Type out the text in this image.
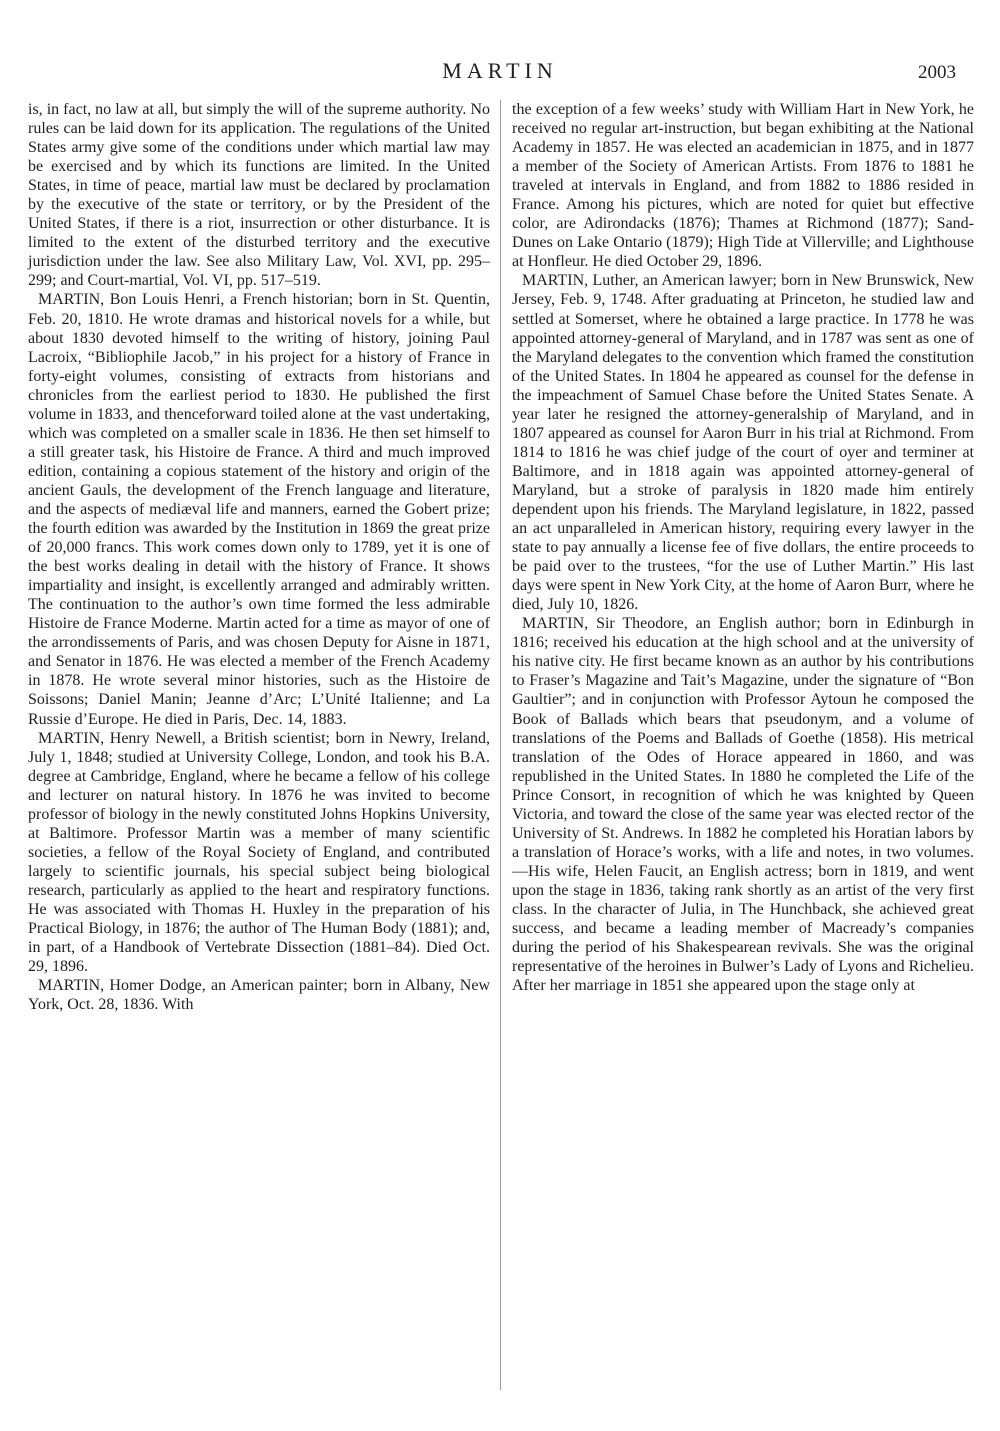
MARTIN	2003

is, in fact, no law at all, but simply the will of the supreme authority. No rules can be laid down for its application. The regulations of the United States army give some of the conditions under which martial law may be exercised and by which its functions are limited. In the United States, in time of peace, martial law must be declared by proclamation by the executive of the state or territory, or by the President of the United States, if there is a riot, insurrection or other disturbance. It is limited to the extent of the disturbed territory and the executive jurisdiction under the law. See also Military Law, Vol. XVI, pp. 295–299; and Court-martial, Vol. VI, pp. 517–519.

MARTIN, Bon Louis Henri, a French historian; born in St. Quentin, Feb. 20, 1810. He wrote dramas and historical novels for a while, but about 1830 devoted himself to the writing of history, joining Paul Lacroix, “Bibliophile Jacob,” in his project for a history of France in forty-eight volumes, consisting of extracts from historians and chronicles from the earliest period to 1830. He published the first volume in 1833, and thenceforward toiled alone at the vast undertaking, which was completed on a smaller scale in 1836. He then set himself to a still greater task, his Histoire de France. A third and much improved edition, containing a copious statement of the history and origin of the ancient Gauls, the development of the French language and literature, and the aspects of mediæval life and manners, earned the Gobert prize; the fourth edition was awarded by the Institution in 1869 the great prize of 20,000 francs. This work comes down only to 1789, yet it is one of the best works dealing in detail with the history of France. It shows impartiality and insight, is excellently arranged and admirably written. The continuation to the author’s own time formed the less admirable Histoire de France Moderne. Martin acted for a time as mayor of one of the arrondissements of Paris, and was chosen Deputy for Aisne in 1871, and Senator in 1876. He was elected a member of the French Academy in 1878. He wrote several minor histories, such as the Histoire de Soissons; Daniel Manin; Jeanne d’Arc; L’Unité Italienne; and La Russie d’Europe. He died in Paris, Dec. 14, 1883.

MARTIN, Henry Newell, a British scientist; born in Newry, Ireland, July 1, 1848; studied at University College, London, and took his B.A. degree at Cambridge, England, where he became a fellow of his college and lecturer on natural history. In 1876 he was invited to become professor of biology in the newly constituted Johns Hopkins University, at Baltimore. Professor Martin was a member of many scientific societies, a fellow of the Royal Society of England, and contributed largely to scientific journals, his special subject being biological research, particularly as applied to the heart and respiratory functions. He was associated with Thomas H. Huxley in the preparation of his Practical Biology, in 1876; the author of The Human Body (1881); and, in part, of a Handbook of Vertebrate Dissection (1881–84). Died Oct. 29, 1896.

MARTIN, Homer Dodge, an American painter; born in Albany, New York, Oct. 28, 1836. With

the exception of a few weeks’ study with William Hart in New York, he received no regular art-instruction, but began exhibiting at the National Academy in 1857. He was elected an academician in 1875, and in 1877 a member of the Society of American Artists. From 1876 to 1881 he traveled at intervals in England, and from 1882 to 1886 resided in France. Among his pictures, which are noted for quiet but effective color, are Adirondacks (1876); Thames at Richmond (1877); Sand-Dunes on Lake Ontario (1879); High Tide at Villerville; and Lighthouse at Honfleur. He died October 29, 1896.

MARTIN, Luther, an American lawyer; born in New Brunswick, New Jersey, Feb. 9, 1748. After graduating at Princeton, he studied law and settled at Somerset, where he obtained a large practice. In 1778 he was appointed attorney-general of Maryland, and in 1787 was sent as one of the Maryland delegates to the convention which framed the constitution of the United States. In 1804 he appeared as counsel for the defense in the impeachment of Samuel Chase before the United States Senate. A year later he resigned the attorney-generalship of Maryland, and in 1807 appeared as counsel for Aaron Burr in his trial at Richmond. From 1814 to 1816 he was chief judge of the court of oyer and terminer at Baltimore, and in 1818 again was appointed attorney-general of Maryland, but a stroke of paralysis in 1820 made him entirely dependent upon his friends. The Maryland legislature, in 1822, passed an act unparalleled in American history, requiring every lawyer in the state to pay annually a license fee of five dollars, the entire proceeds to be paid over to the trustees, “for the use of Luther Martin.” His last days were spent in New York City, at the home of Aaron Burr, where he died, July 10, 1826.

MARTIN, Sir Theodore, an English author; born in Edinburgh in 1816; received his education at the high school and at the university of his native city. He first became known as an author by his contributions to Fraser’s Magazine and Tait’s Magazine, under the signature of “Bon Gaultier”; and in conjunction with Professor Aytoun he composed the Book of Ballads which bears that pseudonym, and a volume of translations of the Poems and Ballads of Goethe (1858). His metrical translation of the Odes of Horace appeared in 1860, and was republished in the United States. In 1880 he completed the Life of the Prince Consort, in recognition of which he was knighted by Queen Victoria, and toward the close of the same year was elected rector of the University of St. Andrews. In 1882 he completed his Horatian labors by a translation of Horace’s works, with a life and notes, in two volumes.—His wife, Helen Faucit, an English actress; born in 1819, and went upon the stage in 1836, taking rank shortly as an artist of the very first class. In the character of Julia, in The Hunchback, she achieved great success, and became a leading member of Macready’s companies during the period of his Shakespearean revivals. She was the original representative of the heroines in Bulwer’s Lady of Lyons and Richelieu. After her marriage in 1851 she appeared upon the stage only at
